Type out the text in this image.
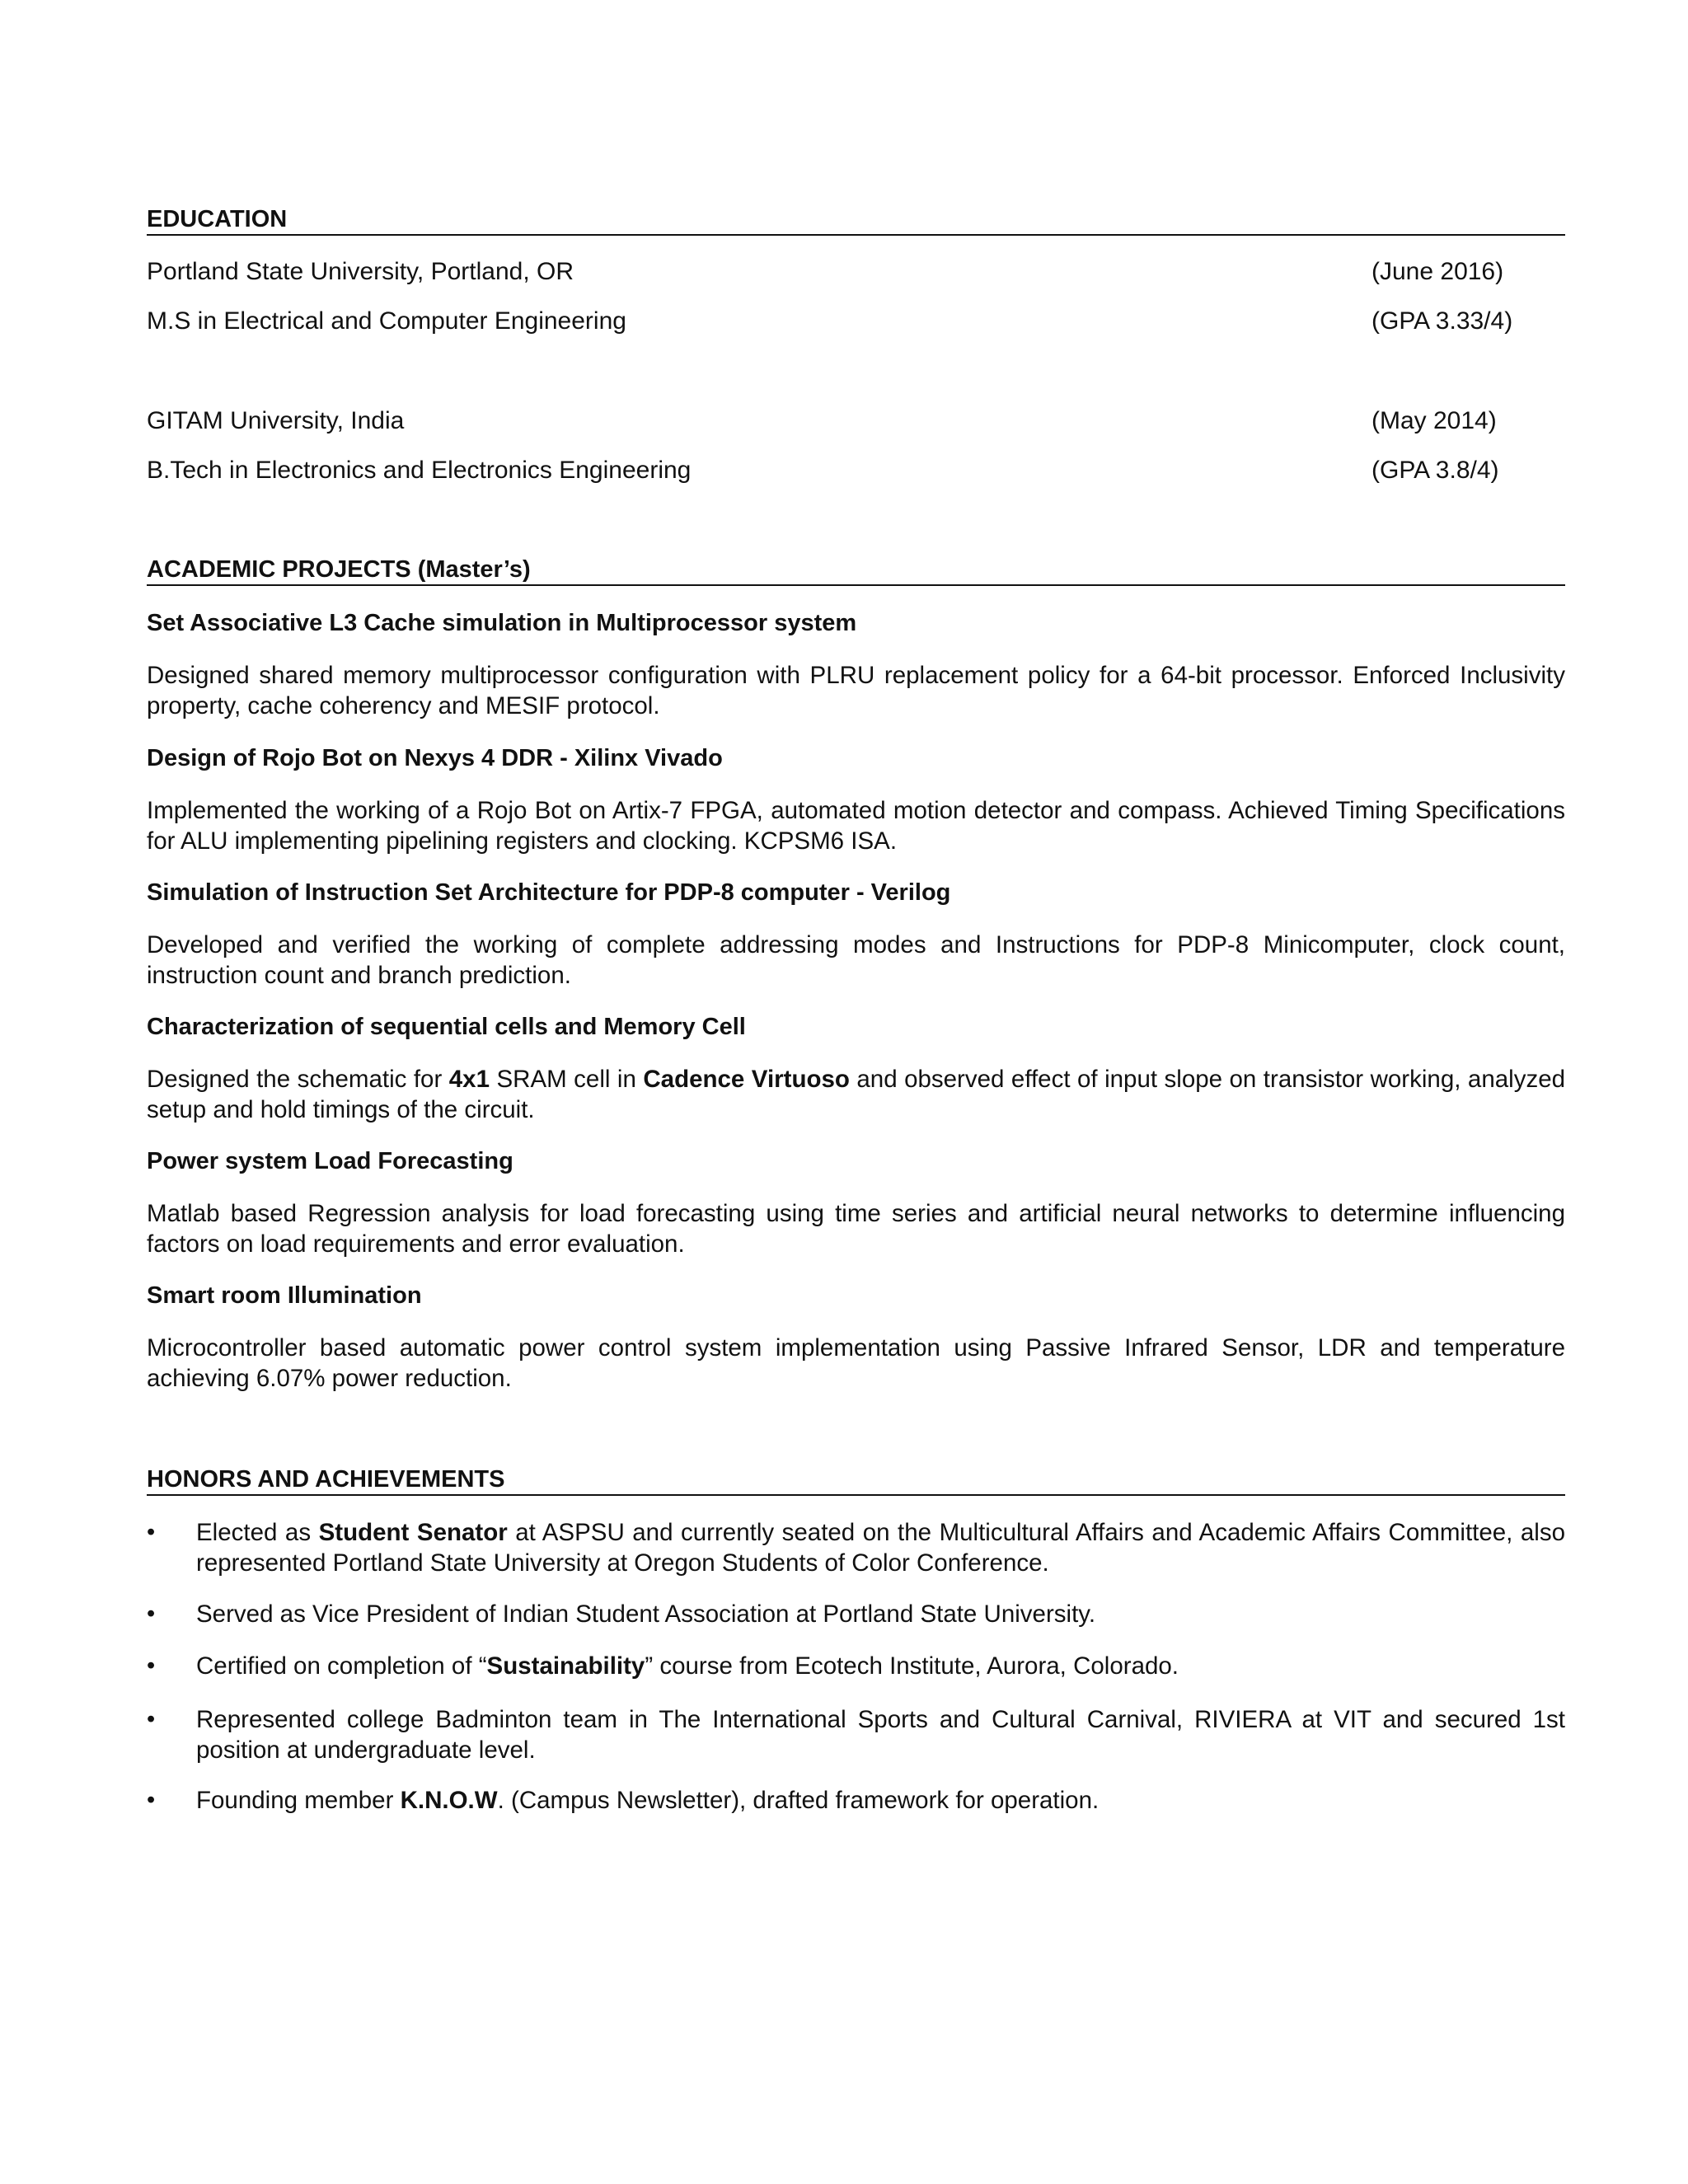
EDUCATION
Portland State University, Portland, OR	(June 2016)
M.S in Electrical and Computer Engineering	(GPA 3.33/4)
GITAM University, India	(May 2014)
B.Tech in Electronics and Electronics Engineering	(GPA 3.8/4)
ACADEMIC PROJECTS (Master’s)
Set Associative L3 Cache simulation in Multiprocessor system
Designed shared memory multiprocessor configuration with PLRU replacement policy for a 64-bit processor. Enforced Inclusivity property, cache coherency and MESIF protocol.
Design of Rojo Bot on Nexys 4 DDR - Xilinx Vivado
Implemented the working of a Rojo Bot on Artix-7 FPGA, automated motion detector and compass. Achieved Timing Specifications for ALU implementing pipelining registers and clocking. KCPSM6 ISA.
Simulation of Instruction Set Architecture for PDP-8 computer - Verilog
Developed and verified the working of complete addressing modes and Instructions for PDP-8 Minicomputer, clock count, instruction count and branch prediction.
Characterization of sequential cells and Memory Cell
Designed the schematic for 4x1 SRAM cell in Cadence Virtuoso and observed effect of input slope on transistor working, analyzed setup and hold timings of the circuit.
Power system Load Forecasting
Matlab based Regression analysis for load forecasting using time series and artificial neural networks to determine influencing factors on load requirements and error evaluation.
Smart room Illumination
Microcontroller based automatic power control system implementation using Passive Infrared Sensor, LDR and temperature achieving 6.07% power reduction.
HONORS AND ACHIEVEMENTS
• Elected as Student Senator at ASPSU and currently seated on the Multicultural Affairs and Academic Affairs Committee, also represented Portland State University at Oregon Students of Color Conference.
• Served as Vice President of Indian Student Association at Portland State University.
• Certified on completion of “Sustainability” course from Ecotech Institute, Aurora, Colorado.
• Represented college Badminton team in The International Sports and Cultural Carnival, RIVIERA at VIT and secured 1st position at undergraduate level.
• Founding member K.N.O.W. (Campus Newsletter), drafted framework for operation.
